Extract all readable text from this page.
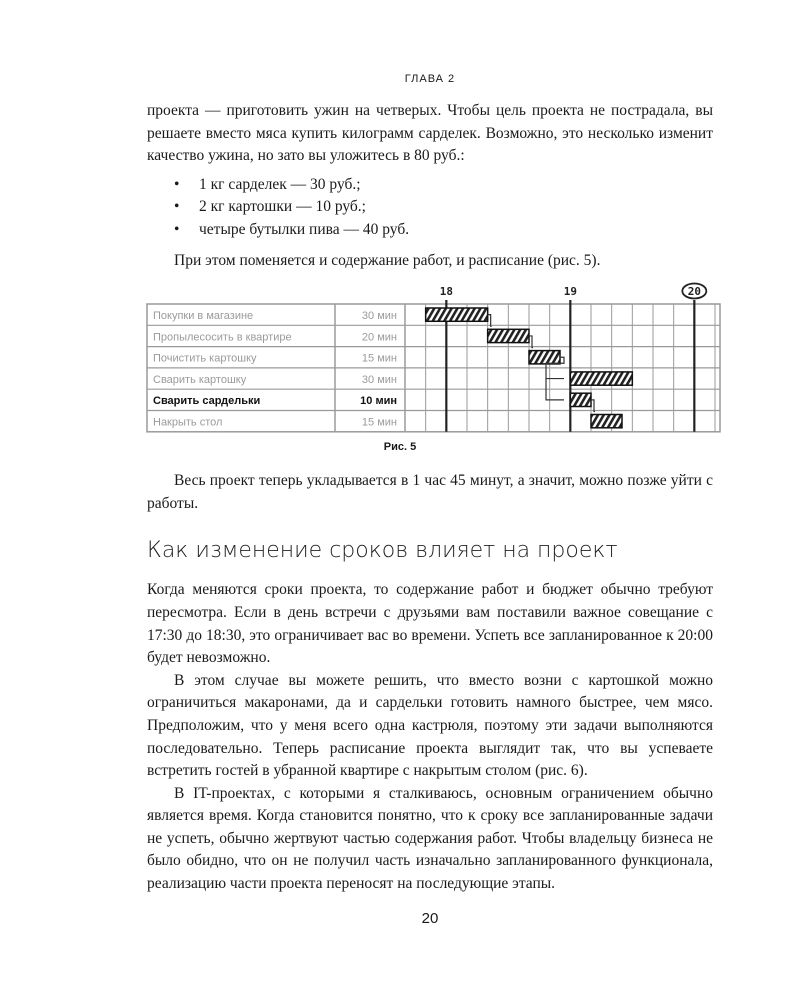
ГЛАВА 2

проекта — приготовить ужин на четверых. Чтобы цель проекта не пострадала, вы решаете вместо мяса купить килограмм сарделек. Возможно, это несколько изменит качество ужина, но зато вы уложитесь в 80 руб.:

• 1 кг сарделек — 30 руб.;
• 2 кг картошки — 10 руб.;
• четыре бутылки пива — 40 руб.

При этом поменяется и содержание работ, и расписание (рис. 5).

18	19	20
Покупки в магазине	30 мин
Пропылесосить в квартире	20 мин
Почистить картошку	15 мин
Сварить картошку	30 мин
Сварить сардельки	10 мин
Накрыть стол	15 мин
Рис. 5

Весь проект теперь укладывается в 1 час 45 минут, а значит, можно позже уйти с работы.

Как изменение сроков влияет на проект

Когда меняются сроки проекта, то содержание работ и бюджет обычно требуют пересмотра. Если в день встречи с друзьями вам поставили важное совещание с 17:30 до 18:30, это ограничивает вас во времени. Успеть все запланированное к 20:00 будет невозможно.

В этом случае вы можете решить, что вместо возни с картошкой можно ограничиться макаронами, да и сардельки готовить намного быстрее, чем мясо. Предположим, что у меня всего одна кастрюля, поэтому эти задачи выполняются последовательно. Теперь расписание проекта выглядит так, что вы успеваете встретить гостей в убранной квартире с накрытым столом (рис. 6).

В IT-проектах, с которыми я сталкиваюсь, основным ограничением обычно является время. Когда становится понятно, что к сроку все запланированные задачи не успеть, обычно жертвуют частью содержания работ. Чтобы владельцу бизнеса не было обидно, что он не получил часть изначально запланированного функционала, реализацию части проекта переносят на последующие этапы.

20
